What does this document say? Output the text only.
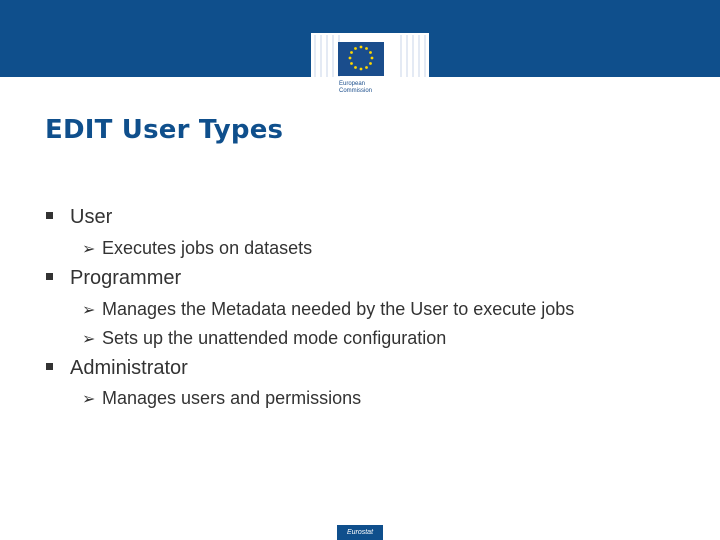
European Commission
EDIT User Types
User
➢ Executes jobs on datasets
Programmer
➢ Manages the Metadata needed by the User to execute jobs
➢ Sets up the unattended mode configuration
Administrator
➢ Manages users and permissions
Eurostat
